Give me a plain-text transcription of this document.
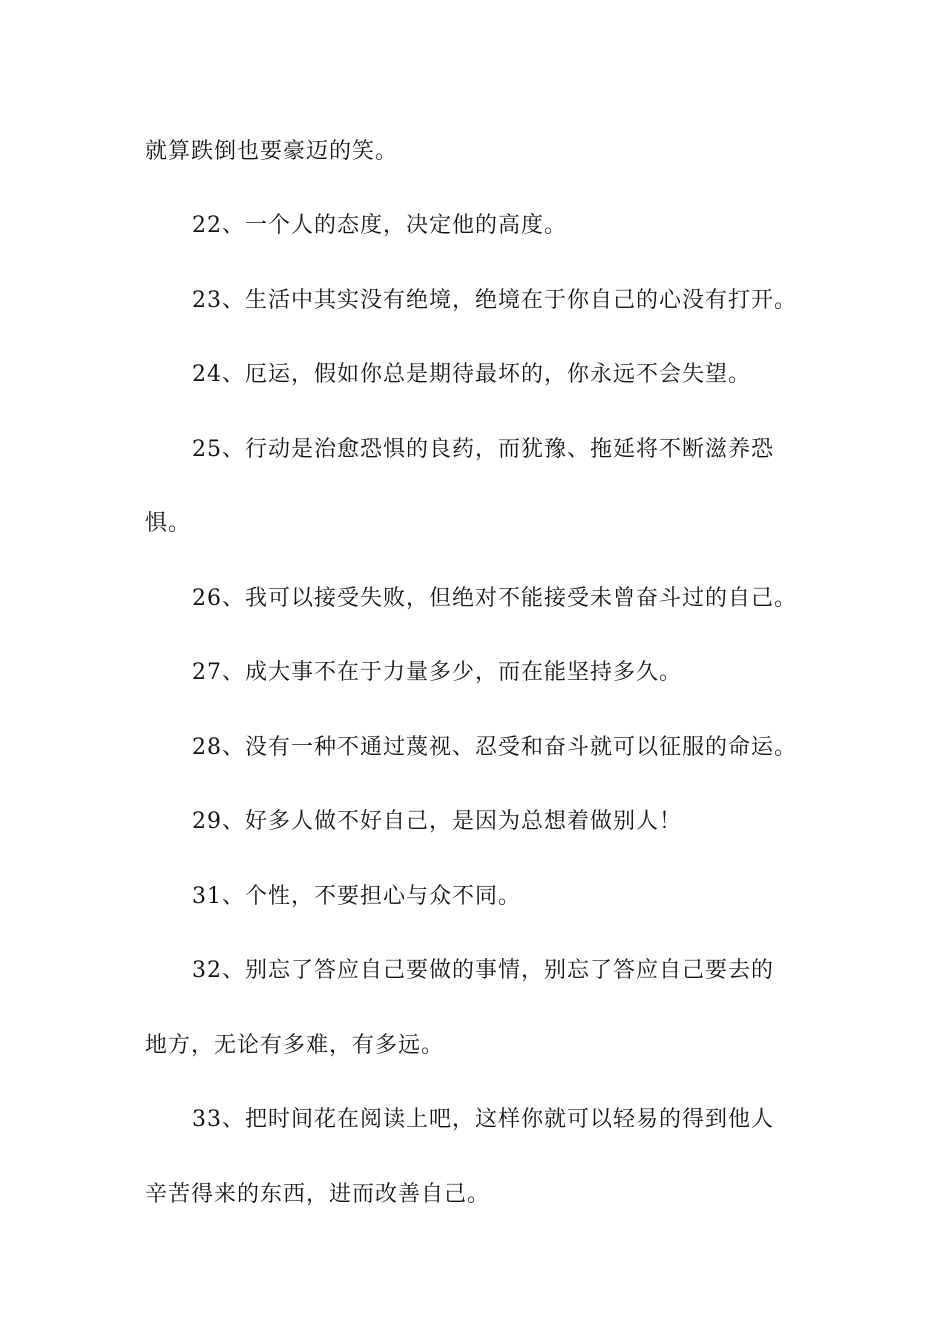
就算跌倒也要豪迈的笑。
22、一个人的态度，决定他的高度。
23、生活中其实没有绝境，绝境在于你自己的心没有打开。
24、厄运，假如你总是期待最坏的，你永远不会失望。
25、行动是治愈恐惧的良药，而犹豫、拖延将不断滋养恐
惧。
26、我可以接受失败，但绝对不能接受未曾奋斗过的自己。
27、成大事不在于力量多少，而在能坚持多久。
28、没有一种不通过蔑视、忍受和奋斗就可以征服的命运。
29、好多人做不好自己，是因为总想着做别人！
31、个性，不要担心与众不同。
32、别忘了答应自己要做的事情，别忘了答应自己要去的
地方，无论有多难，有多远。
33、把时间花在阅读上吧，这样你就可以轻易的得到他人
辛苦得来的东西，进而改善自己。
